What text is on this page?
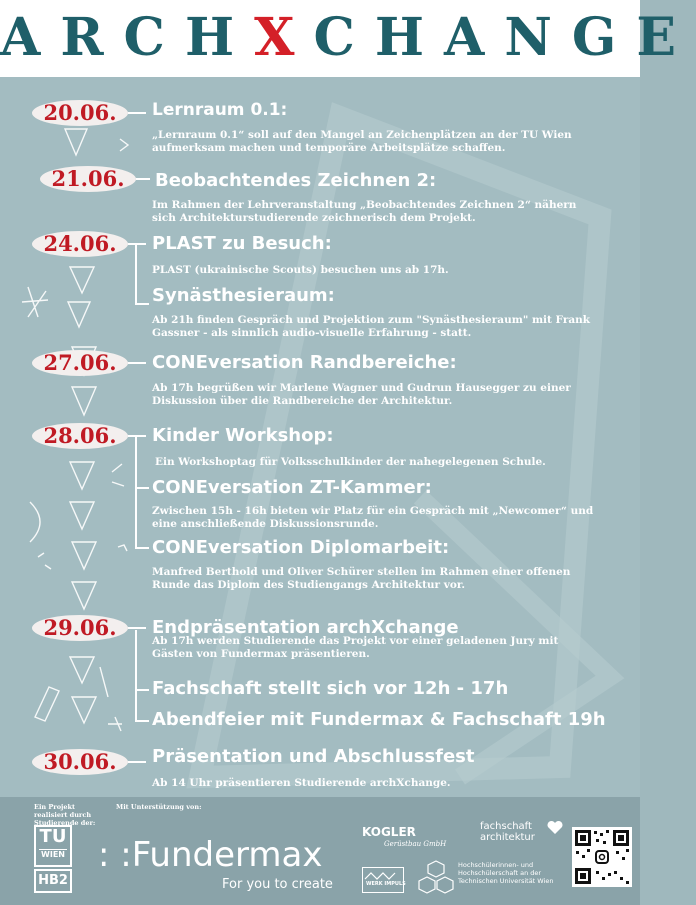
ARCHXCHANGE
20.06.	Lernraum 0.1:
„Lernraum 0.1“ soll auf den Mangel an Zeichenplätzen an der TU Wien aufmerksam machen und temporäre Arbeitsplätze schaffen.
21.06.	Beobachtendes Zeichnen 2:
Im Rahmen der Lehrveranstaltung „Beobachtendes Zeichnen 2“ nähern sich Architekturstudierende zeichnerisch dem Projekt.
24.06.	PLAST zu Besuch:
PLAST (ukrainische Scouts) besuchen uns ab 17h.
Synästhesieraum:
Ab 21h finden Gespräch und Projektion zum "Synästhesieraum" mit Frank Gassner - als sinnlich audio-visuelle Erfahrung - statt.
27.06.	CONEversation Randbereiche:
Ab 17h begrüßen wir Marlene Wagner und Gudrun Hausegger zu einer Diskussion über die Randbereiche der Architektur.
28.06.	Kinder Workshop:
Ein Workshoptag für Volksschulkinder der nahegelegenen Schule.
CONEversation ZT-Kammer:
Zwischen 15h - 16h bieten wir Platz für ein Gespräch mit „Newcomer“ und eine anschließende Diskussionsrunde.
CONEversation Diplomarbeit:
Manfred Berthold und Oliver Schürer stellen im Rahmen einer offenen Runde das Diplom des Studiengangs Architektur vor.
29.06.	Endpräsentation archXchange
Ab 17h werden Studierende das Projekt vor einer geladenen Jury mit Gästen von Fundermax präsentieren.
Fachschaft stellt sich vor 12h - 17h
Abendfeier mit Fundermax & Fachschaft 19h
30.06.	Präsentation und Abschlussfest
Ab 14 Uhr präsentieren Studierende archXchange.
Ein Projekt realisiert durch Studierende der:
Mit Unterstützung von:
TU
WIEN
HB2
: :Fundermax
For you to create
KOGLER
Gerüstbau GmbH
fachschaft
architektur
WERK IMPULS
Hochschülerinnen- und
Hochschülerschaft an der
Technischen Universität Wien
